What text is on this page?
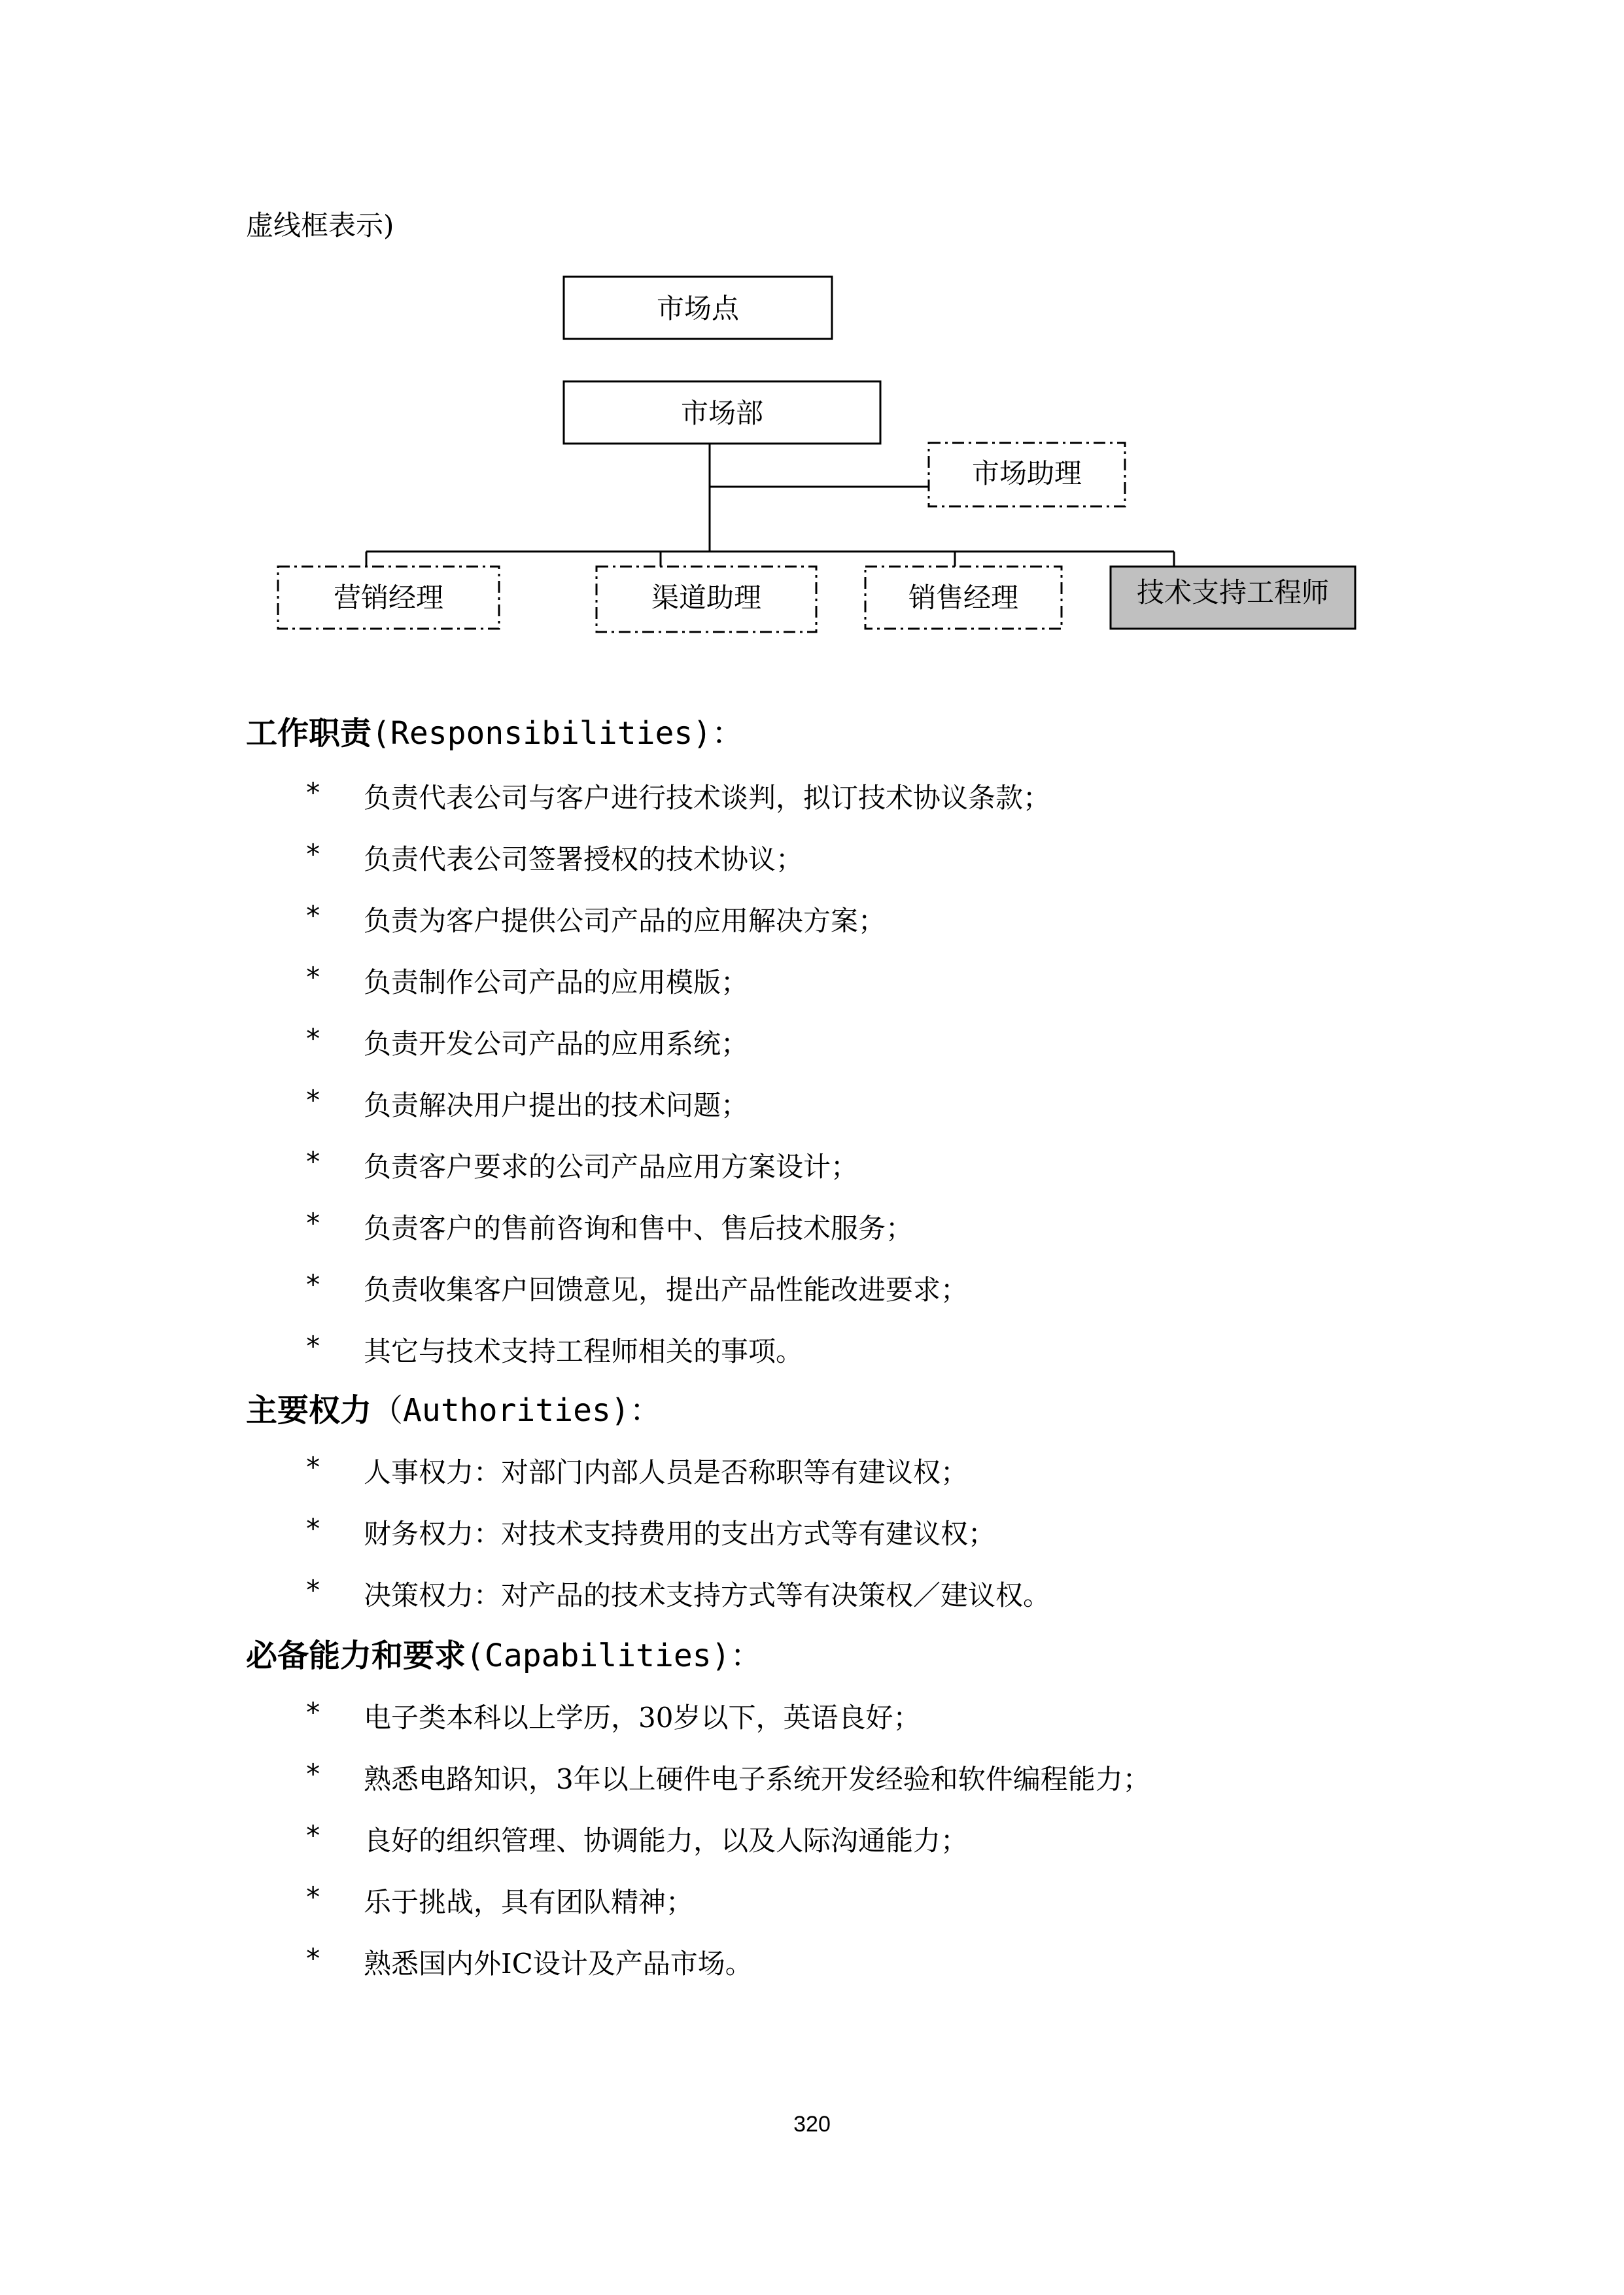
虚线框表示)
市场点
市场部
市场助理
营销经理	渠道助理	销售经理	技术支持工程师
工作职责(Responsibilities)：
*	负责代表公司与客户进行技术谈判，拟订技术协议条款；
*	负责代表公司签署授权的技术协议；
*	负责为客户提供公司产品的应用解决方案；
*	负责制作公司产品的应用模版；
*	负责开发公司产品的应用系统；
*	负责解决用户提出的技术问题；
*	负责客户要求的公司产品应用方案设计；
*	负责客户的售前咨询和售中、售后技术服务；
*	负责收集客户回馈意见，提出产品性能改进要求；
*	其它与技术支持工程师相关的事项。
主要权力（Authorities)：
*	人事权力：对部门内部人员是否称职等有建议权；
*	财务权力：对技术支持费用的支出方式等有建议权；
*	决策权力：对产品的技术支持方式等有决策权／建议权。
必备能力和要求(Capabilities)：
*	电子类本科以上学历，30岁以下，英语良好；
*	熟悉电路知识，3年以上硬件电子系统开发经验和软件编程能力；
*	良好的组织管理、协调能力，以及人际沟通能力；
*	乐于挑战，具有团队精神；
*	熟悉国内外IC设计及产品市场。
320
